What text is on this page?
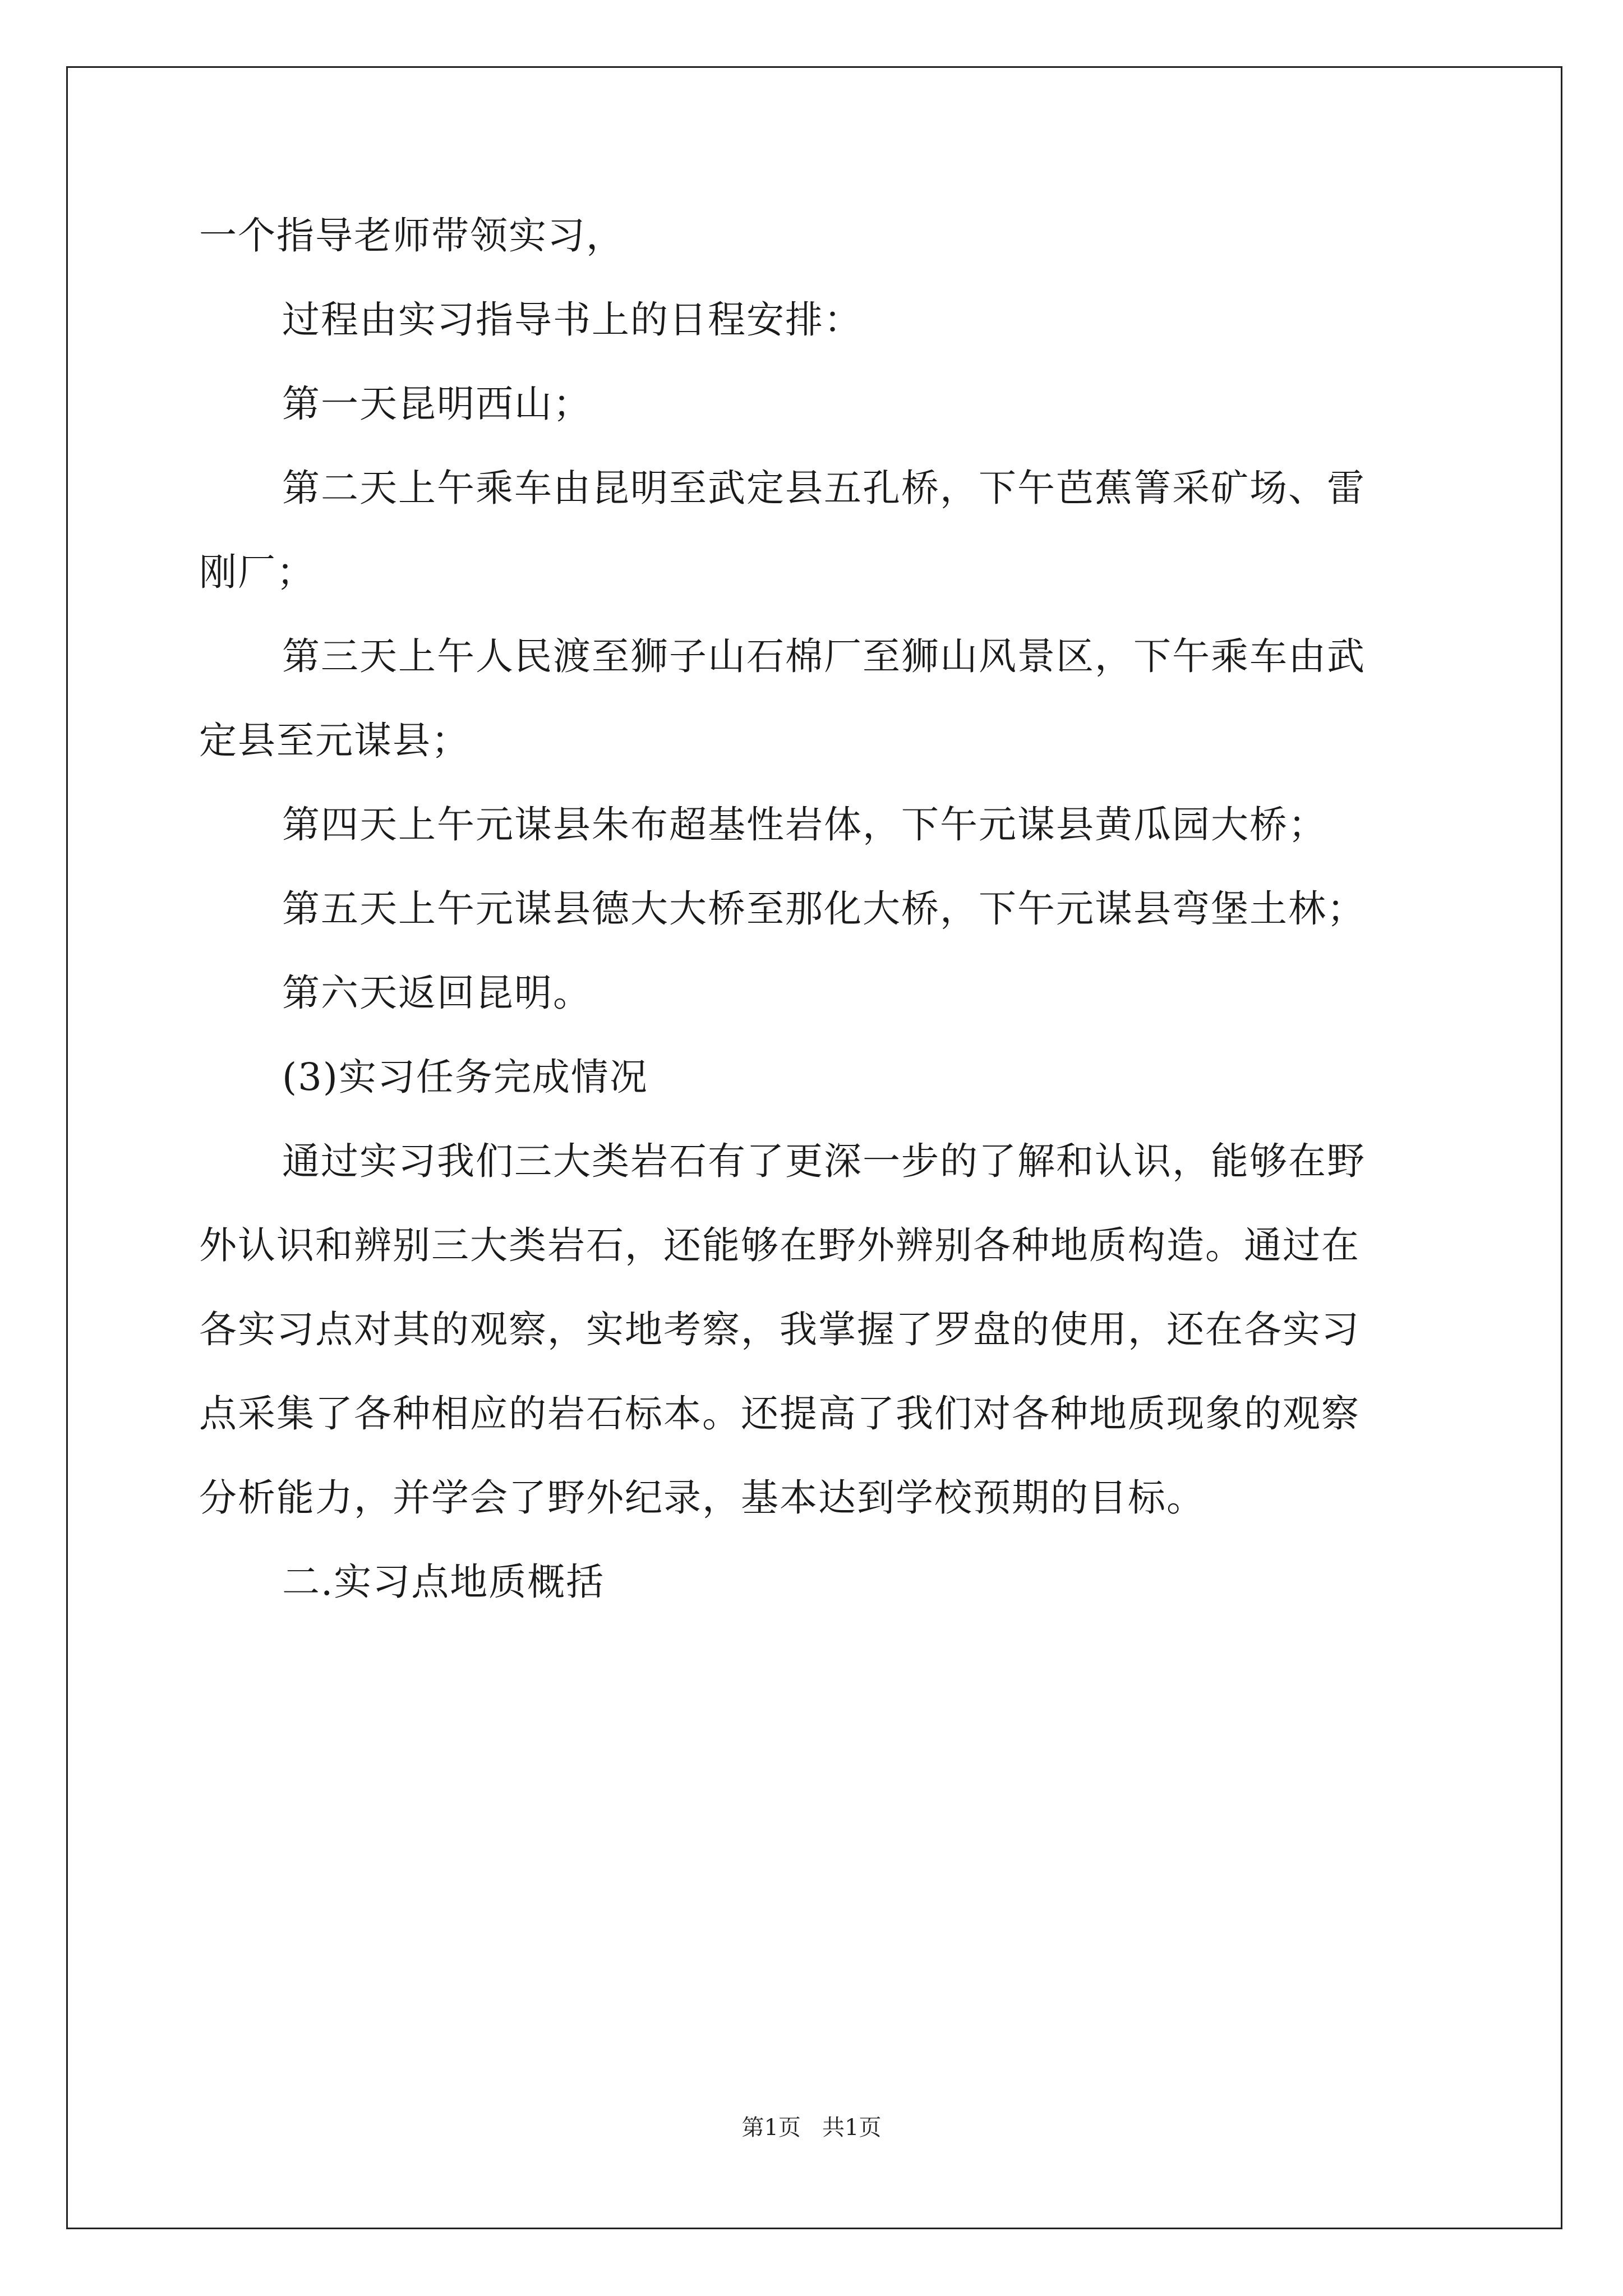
一个指导老师带领实习，
过程由实习指导书上的日程安排：
第一天昆明西山；
第二天上午乘车由昆明至武定县五孔桥，下午芭蕉箐采矿场、雷
刚厂；
第三天上午人民渡至狮子山石棉厂至狮山风景区，下午乘车由武
定县至元谋县；
第四天上午元谋县朱布超基性岩体，下午元谋县黄瓜园大桥；
第五天上午元谋县德大大桥至那化大桥，下午元谋县弯堡土林；
第六天返回昆明。
(3)实习任务完成情况
通过实习我们三大类岩石有了更深一步的了解和认识，能够在野
外认识和辨别三大类岩石，还能够在野外辨别各种地质构造。通过在
各实习点对其的观察，实地考察，我掌握了罗盘的使用，还在各实习
点采集了各种相应的岩石标本。还提高了我们对各种地质现象的观察
分析能力，并学会了野外纪录，基本达到学校预期的目标。
二.实习点地质概括
第1页   共1页
